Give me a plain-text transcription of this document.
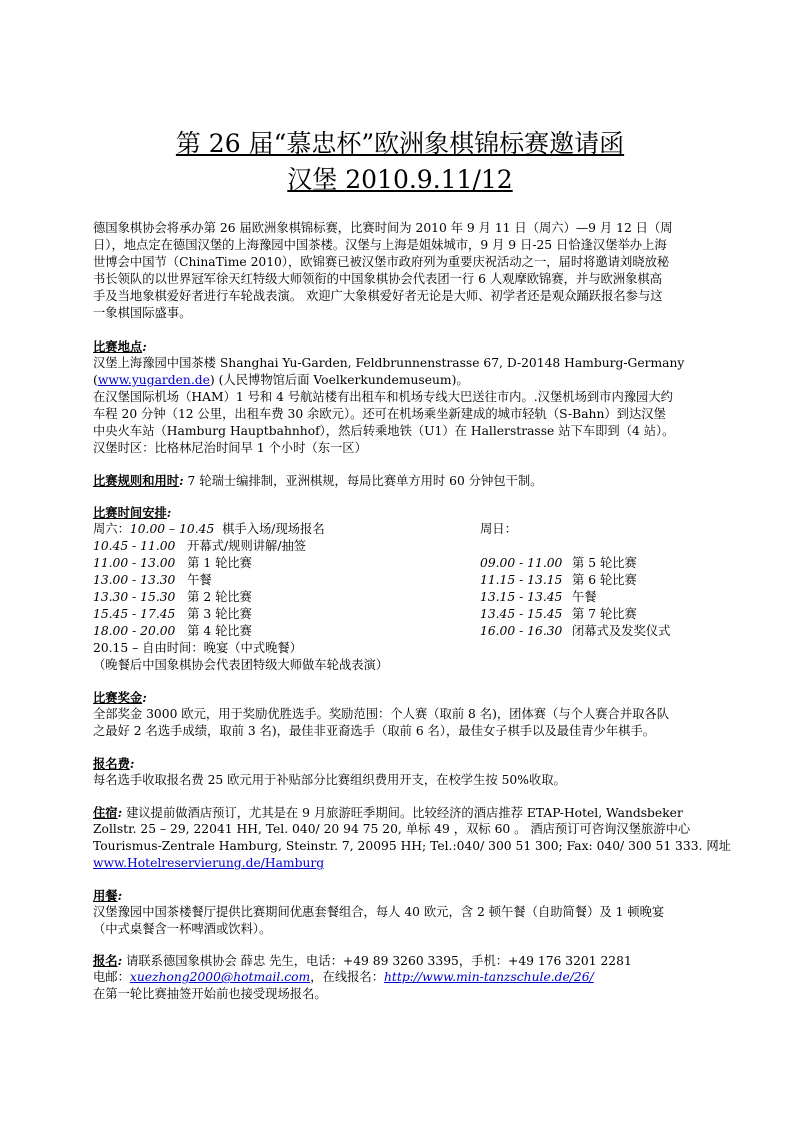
第 26 届“慕忠杯”欧洲象棋锦标赛邀请函
汉堡 2010.9.11/12
德国象棋协会将承办第 26 届欧洲象棋锦标赛，比赛时间为 2010 年 9 月 11 日（周六）—9 月 12 日（周
日），地点定在德国汉堡的上海豫园中国茶楼。汉堡与上海是姐妹城市，9 月 9 日-25 日恰逢汉堡举办上海
世博会中国节（ChinaTime 2010），欧锦赛已被汉堡市政府列为重要庆祝活动之一，届时将邀请刘晓放秘
书长领队的以世界冠军徐天红特级大师领衔的中国象棋协会代表团一行 6 人观摩欧锦赛，并与欧洲象棋高
手及当地象棋爱好者进行车轮战表演。 欢迎广大象棋爱好者无论是大师、初学者还是观众踊跃报名参与这
一象棋国际盛事。
比赛地点:
汉堡上海豫园中国茶楼 Shanghai Yu-Garden, Feldbrunnenstrasse 67, D-20148 Hamburg-Germany
(www.yugarden.de) (人民博物馆后面 Voelkerkundemuseum)。
在汉堡国际机场（HAM）1 号和 4 号航站楼有出租车和机场专线大巴送往市内。.汉堡机场到市内豫园大约
车程 20 分钟（12 公里，出租车费 30 余欧元）。还可在机场乘坐新建成的城市轻轨（S-Bahn）到达汉堡
中央火车站（Hamburg Hauptbahnhof），然后转乘地铁（U1）在 Hallerstrasse 站下车即到（4 站）。
汉堡时区：比格林尼治时间早 1 个小时（东一区）
比赛规则和用时: 7 轮瑞士编排制，亚洲棋规，每局比赛单方用时 60 分钟包干制。
比赛时间安排:
周六：10.00 – 10.45 棋手入场/现场报名
10.45 - 11.00 开幕式/规则讲解/抽签
11.00 - 13.00 第 1 轮比赛
13.00 - 13.30 午餐
13.30 - 15.30 第 2 轮比赛
15.45 - 17.45 第 3 轮比赛
18.00 - 20.00 第 4 轮比赛
20.15 – 自由时间：晚宴（中式晚餐）
（晚餐后中国象棋协会代表团特级大师做车轮战表演）
周日：
09.00 - 11.00 第 5 轮比赛
11.15 - 13.15 第 6 轮比赛
13.15 - 13.45 午餐
13.45 - 15.45 第 7 轮比赛
16.00 - 16.30 闭幕式及发奖仪式
比赛奖金:
全部奖金 3000 欧元，用于奖励优胜选手。奖励范围：个人赛（取前 8 名)，团体赛（与个人赛合并取各队
之最好 2 名选手成绩，取前 3 名)，最佳非亚裔选手（取前 6 名），最佳女子棋手以及最佳青少年棋手。
报名费:
每名选手收取报名费 25 欧元用于补贴部分比赛组织费用开支，在校学生按 50%收取。
住宿: 建议提前做酒店预订，尤其是在 9 月旅游旺季期间。比较经济的酒店推荐 ETAP-Hotel, Wandsbeker
Zollstr. 25 – 29, 22041 HH, Tel. 040/ 20 94 75 20, 单标 49 ，双标 60 。 酒店预订可咨询汉堡旅游中心
Tourismus-Zentrale Hamburg, Steinstr. 7, 20095 HH; Tel.:040/ 300 51 300; Fax: 040/ 300 51 333. 网址
www.Hotelreservierung.de/Hamburg
用餐:
汉堡豫园中国茶楼餐厅提供比赛期间优惠套餐组合，每人 40 欧元，含 2 顿午餐（自助简餐）及 1 顿晚宴
（中式桌餐含一杯啤酒或饮料）。
报名: 请联系德国象棋协会 薛忠 先生，电话：+49 89 3260 3395，手机：+49 176 3201 2281
电邮：xuezhong2000@hotmail.com，在线报名：http://www.min-tanzschule.de/26/
在第一轮比赛抽签开始前也接受现场报名。
